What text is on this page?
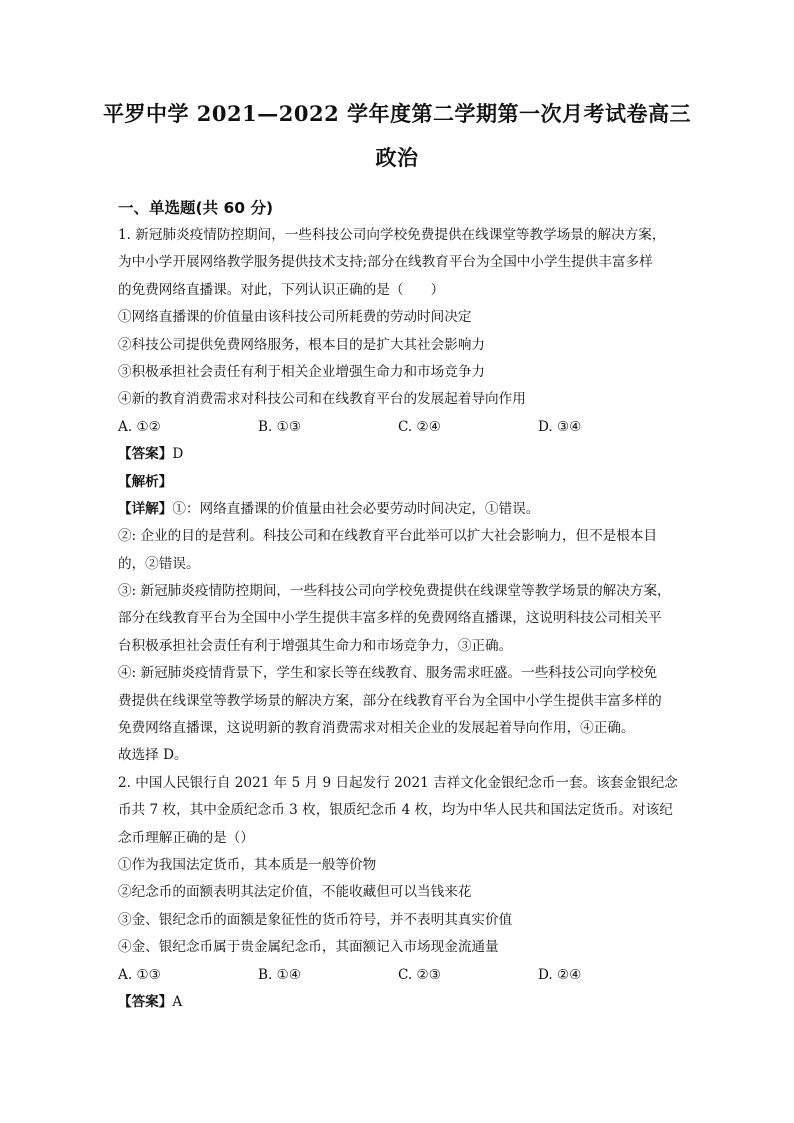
平罗中学 2021—2022 学年度第二学期第一次月考试卷高三
政治
一、单选题(共 60 分)
1. 新冠肺炎疫情防控期间，一些科技公司向学校免费提供在线课堂等教学场景的解决方案，
为中小学开展网络教学服务提供技术支持;部分在线教育平台为全国中小学生提供丰富多样
的免费网络直播课。对此，下列认识正确的是（　　）
①网络直播课的价值量由该科技公司所耗费的劳动时间决定
②科技公司提供免费网络服务，根本目的是扩大其社会影响力
③积极承担社会责任有利于相关企业增强生命力和市场竞争力
④新的教育消费需求对科技公司和在线教育平台的发展起着导向作用
A. ①②	B. ①③	C. ②④	D. ③④
【答案】D
【解析】
【详解】①：网络直播课的价值量由社会必要劳动时间决定，①错误。
②: 企业的目的是营利。科技公司和在线教育平台此举可以扩大社会影响力，但不是根本目
的，②错误。
③: 新冠肺炎疫情防控期间，一些科技公司向学校免费提供在线课堂等教学场景的解决方案，
部分在线教育平台为全国中小学生提供丰富多样的免费网络直播课，这说明科技公司相关平
台积极承担社会责任有利于增强其生命力和市场竞争力，③正确。
④: 新冠肺炎疫情背景下，学生和家长等在线教育、服务需求旺盛。一些科技公司向学校免
费提供在线课堂等教学场景的解决方案，部分在线教育平台为全国中小学生提供丰富多样的
免费网络直播课，这说明新的教育消费需求对相关企业的发展起着导向作用，④正确。
故选择 D。
2. 中国人民银行自 2021 年 5 月 9 日起发行 2021 吉祥文化金银纪念币一套。该套金银纪念
币共 7 枚，其中金质纪念币 3 枚，银质纪念币 4 枚，均为中华人民共和国法定货币。对该纪
念币理解正确的是（）
①作为我国法定货币，其本质是一般等价物
②纪念币的面额表明其法定价值，不能收藏但可以当钱来花
③金、银纪念币的面额是象征性的货币符号，并不表明其真实价值
④金、银纪念币属于贵金属纪念币，其面额记入市场现金流通量
A. ①③	B. ①④	C. ②③	D. ②④
【答案】A
